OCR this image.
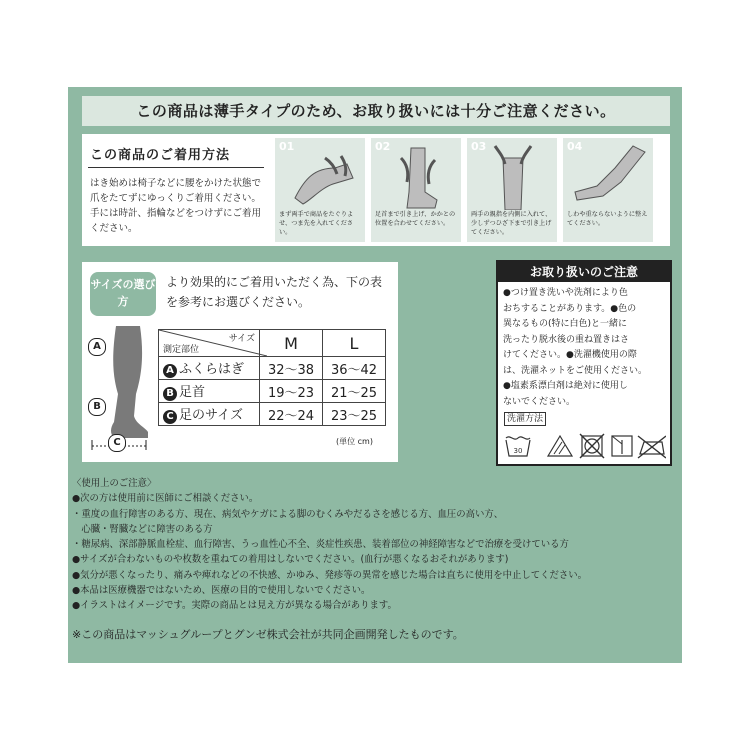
この商品は薄手タイプのため、お取り扱いには十分ご注意ください。
この商品のご着用方法
はき始めは椅子などに腰をかけた状態で爪をたてずにゆっくりご着用ください。手には時計、指輪などをつけずにご着用ください。
01
まず両手で商品をたぐりよせ、つま先を入れてください。
02
足首まで引き上げ、かかとの位置を合わせてください。
03
両手の親指を内側に入れて、少しずつひざ下まで引き上げてください。
04
しわや重ならないように整えてください。
サイズの選び方
より効果的にご着用いただく為、下の表を参考にお選びください。
A
B
C
サイズ
測定部位	M	L
A ふくらはぎ	32～38	36～42
B 足首	19～23	21～25
C 足のサイズ	22～24	23～25
(単位 cm)
お取り扱いのご注意
●つけ置き洗いや洗剤により色
おちすることがあります。●色の
異なるもの(特に白色)と一緒に
洗ったり脱水後の重ね置きはさ
けてください。●洗濯機使用の際
は、洗濯ネットをご使用ください。
●塩素系漂白剤は絶対に使用し
ないでください。
洗濯方法
30
〈使用上のご注意〉
●次の方は使用前に医師にご相談ください。
・重度の血行障害のある方、現在、病気やケガによる脚のむくみやだるさを感じる方、血圧の高い方、
　心臓・腎臓などに障害のある方
・糖尿病、深部静脈血栓症、血行障害、うっ血性心不全、炎症性疾患、装着部位の神経障害などで治療を受けている方
●サイズが合わないものや枚数を重ねての着用はしないでください。(血行が悪くなるおそれがあります)
●気分が悪くなったり、痛みや痺れなどの不快感、かゆみ、発疹等の異常を感じた場合は直ちに使用を中止してください。
●本品は医療機器ではないため、医療の目的で使用しないでください。
●イラストはイメージです。実際の商品とは見え方が異なる場合があります。
※この商品はマッシュグループとグンゼ株式会社が共同企画開発したものです。
